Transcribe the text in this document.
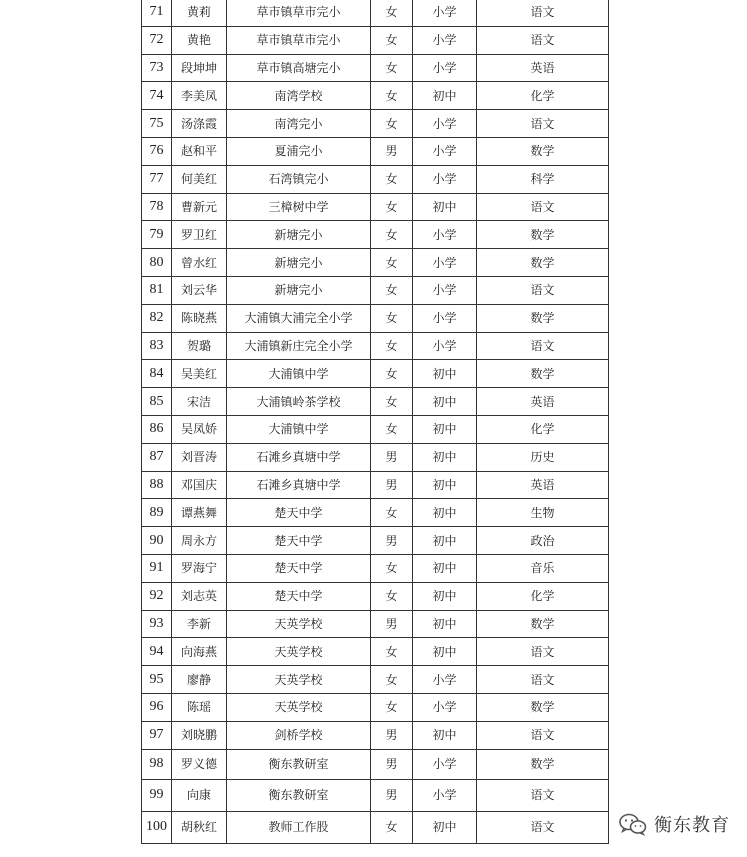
71	黄莉	草市镇草市完小	女	小学	语文
72	黄艳	草市镇草市完小	女	小学	语文
73	段坤坤	草市镇高塘完小	女	小学	英语
74	李美凤	南湾学校	女	初中	化学
75	汤涤霞	南湾完小	女	小学	语文
76	赵和平	夏浦完小	男	小学	数学
77	何美红	石湾镇完小	女	小学	科学
78	曹新元	三樟树中学	女	初中	语文
79	罗卫红	新塘完小	女	小学	数学
80	曾水红	新塘完小	女	小学	数学
81	刘云华	新塘完小	女	小学	语文
82	陈晓燕	大浦镇大浦完全小学	女	小学	数学
83	贺璐	大浦镇新庄完全小学	女	小学	语文
84	吴美红	大浦镇中学	女	初中	数学
85	宋洁	大浦镇岭茶学校	女	初中	英语
86	吴凤娇	大浦镇中学	女	初中	化学
87	刘晋涛	石滩乡真塘中学	男	初中	历史
88	邓国庆	石滩乡真塘中学	男	初中	英语
89	谭燕舞	楚天中学	女	初中	生物
90	周永方	楚天中学	男	初中	政治
91	罗海宁	楚天中学	女	初中	音乐
92	刘志英	楚天中学	女	初中	化学
93	李新	天英学校	男	初中	数学
94	向海燕	天英学校	女	初中	语文
95	廖静	天英学校	女	小学	语文
96	陈瑶	天英学校	女	小学	数学
97	刘晓鹏	剑桥学校	男	初中	语文
98	罗义德	衡东教研室	男	小学	数学
99	向康	衡东教研室	男	小学	语文
100	胡秋红	教师工作股	女	初中	语文	衡东教育
